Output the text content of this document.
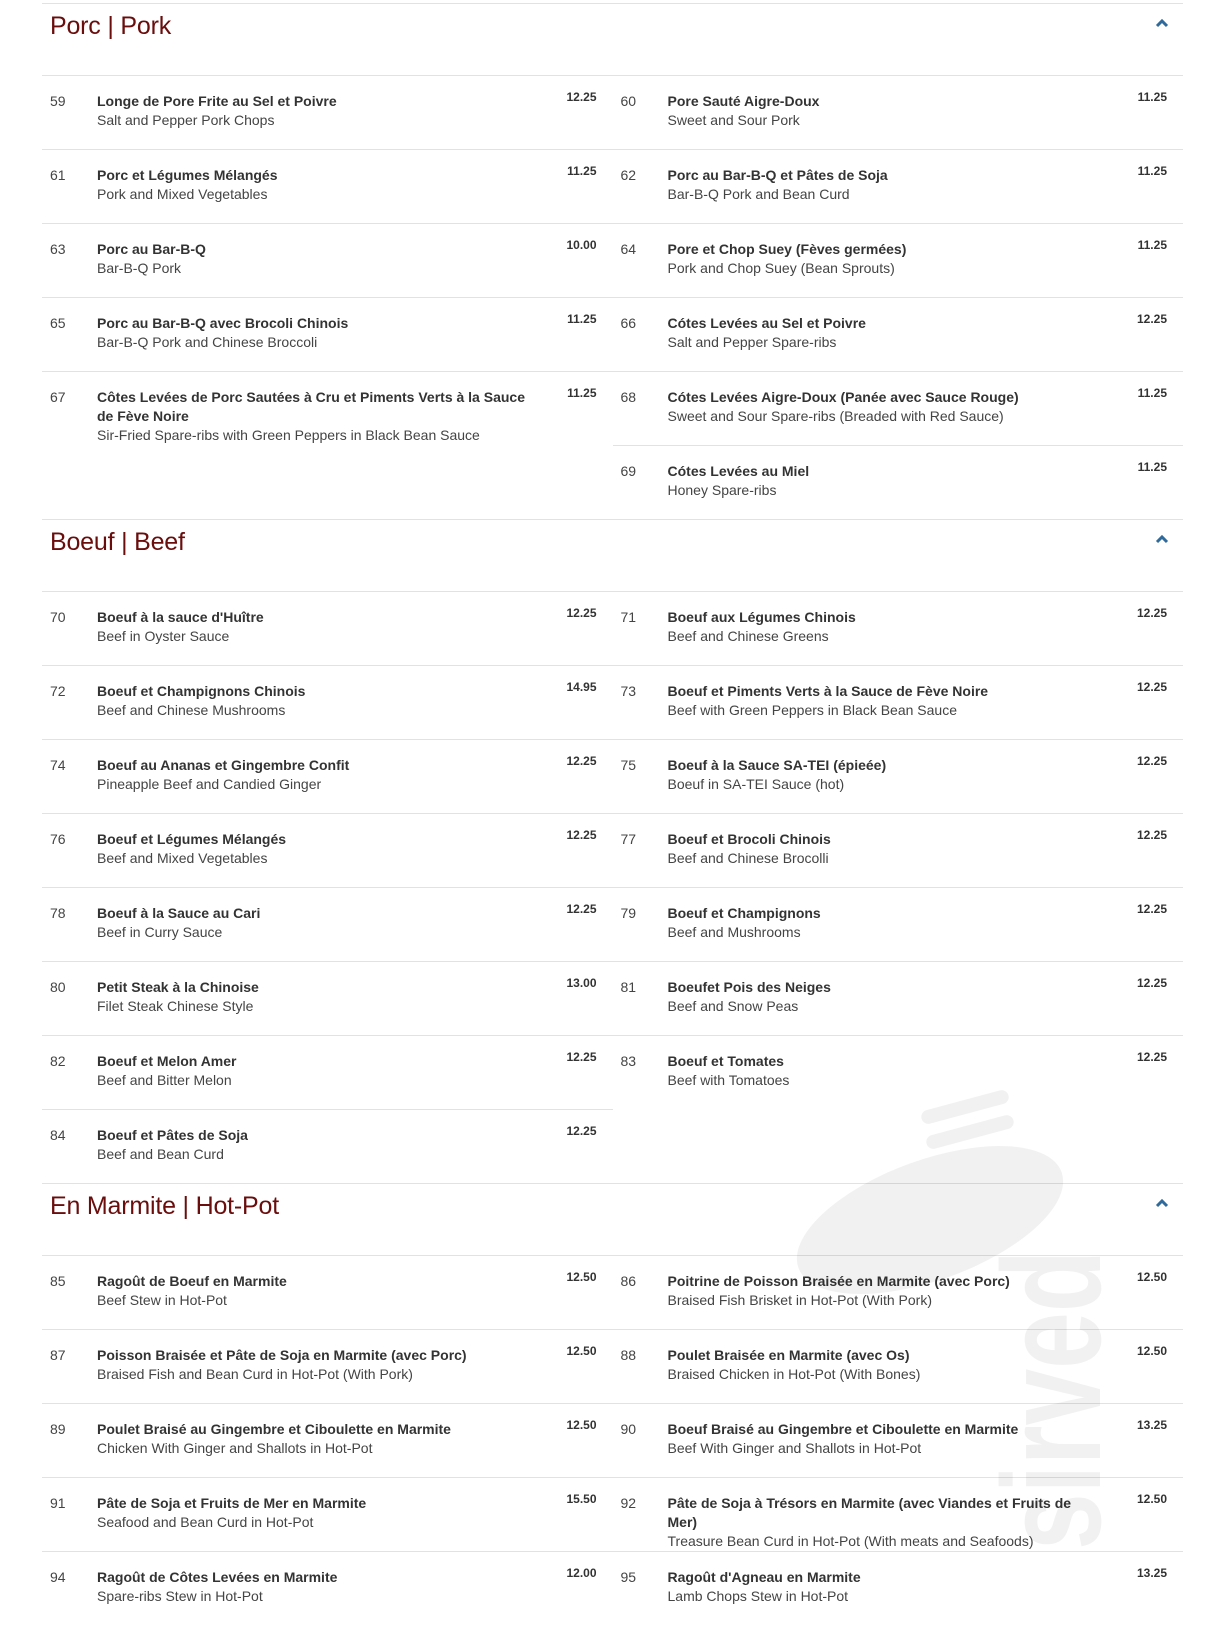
Porc | Pork
59 Longe de Pore Frite au Sel et Poivre
Salt and Pepper Pork Chops
12.25
61 Porc et Légumes Mélangés
Pork and Mixed Vegetables
11.25
63 Porc au Bar-B-Q
Bar-B-Q Pork
10.00
65 Porc au Bar-B-Q avec Brocoli Chinois
Bar-B-Q Pork and Chinese Broccoli
11.25
67 Côtes Levées de Porc Sautées à Cru et Piments Verts à la Sauce de Fève Noire
Sir-Fried Spare-ribs with Green Peppers in Black Bean Sauce
11.25
60 Pore Sauté Aigre-Doux
Sweet and Sour Pork
11.25
62 Porc au Bar-B-Q et Pâtes de Soja
Bar-B-Q Pork and Bean Curd
11.25
64 Pore et Chop Suey (Fèves germées)
Pork and Chop Suey (Bean Sprouts)
11.25
66 Cótes Levées au Sel et Poivre
Salt and Pepper Spare-ribs
12.25
68 Cótes Levées Aigre-Doux (Panée avec Sauce Rouge)
Sweet and Sour Spare-ribs (Breaded with Red Sauce)
11.25
69 Cótes Levées au Miel
Honey Spare-ribs
11.25
Boeuf | Beef
70 Boeuf à la sauce d'Huître
Beef in Oyster Sauce
12.25
72 Boeuf et Champignons Chinois
Beef and Chinese Mushrooms
14.95
74 Boeuf au Ananas et Gingembre Confit
Pineapple Beef and Candied Ginger
12.25
76 Boeuf et Légumes Mélangés
Beef and Mixed Vegetables
12.25
78 Boeuf à la Sauce au Cari
Beef in Curry Sauce
12.25
80 Petit Steak à la Chinoise
Filet Steak Chinese Style
13.00
82 Boeuf et Melon Amer
Beef and Bitter Melon
12.25
84 Boeuf et Pâtes de Soja
Beef and Bean Curd
12.25
71 Boeuf aux Légumes Chinois
Beef and Chinese Greens
12.25
73 Boeuf et Piments Verts à la Sauce de Fève Noire
Beef with Green Peppers in Black Bean Sauce
12.25
75 Boeuf à la Sauce SA-TEI (épieée)
Boeuf in SA-TEI Sauce (hot)
12.25
77 Boeuf et Brocoli Chinois
Beef and Chinese Brocolli
12.25
79 Boeuf et Champignons
Beef and Mushrooms
12.25
81 Boeufet Pois des Neiges
Beef and Snow Peas
12.25
83 Boeuf et Tomates
Beef with Tomatoes
12.25
En Marmite | Hot-Pot
85 Ragoût de Boeuf en Marmite
Beef Stew in Hot-Pot
12.50
87 Poisson Braisée et Pâte de Soja en Marmite (avec Porc)
Braised Fish and Bean Curd in Hot-Pot (With Pork)
12.50
89 Poulet Braisé au Gingembre et Ciboulette en Marmite
Chicken With Ginger and Shallots in Hot-Pot
12.50
91 Pâte de Soja et Fruits de Mer en Marmite
Seafood and Bean Curd in Hot-Pot
15.50
94 Ragoût de Côtes Levées en Marmite
Spare-ribs Stew in Hot-Pot
12.00
86 Poitrine de Poisson Braisée en Marmite (avec Porc)
Braised Fish Brisket in Hot-Pot (With Pork)
12.50
88 Poulet Braisée en Marmite (avec Os)
Braised Chicken in Hot-Pot (With Bones)
12.50
90 Boeuf Braisé au Gingembre et Ciboulette en Marmite
Beef With Ginger and Shallots in Hot-Pot
13.25
92 Pâte de Soja à Trésors en Marmite (avec Viandes et Fruits de Mer)
Treasure Bean Curd in Hot-Pot (With meats and Seafoods)
12.50
95 Ragoût d'Agneau en Marmite
Lamb Chops Stew in Hot-Pot
13.25
sirved
